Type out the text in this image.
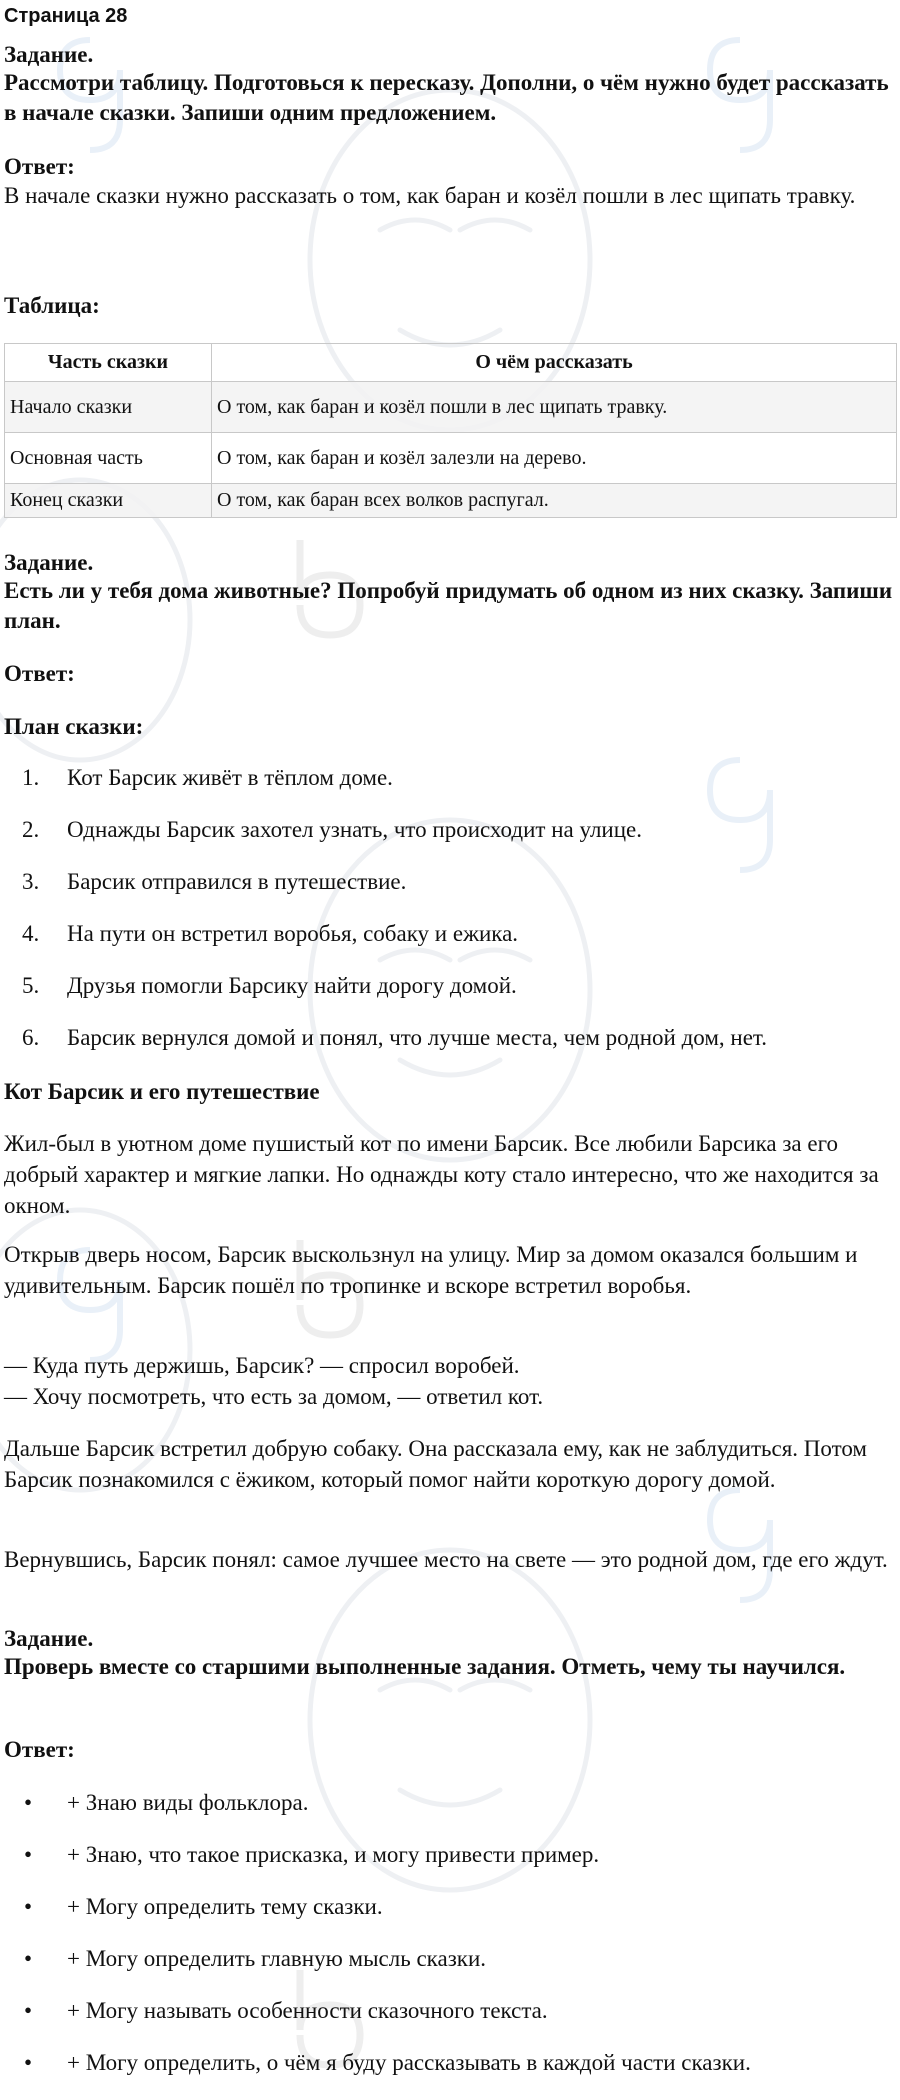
Страница 28

Задание.

Рассмотри таблицу. Подготовься к пересказу. Дополни, о чём нужно будет рассказать в начале сказки. Запиши одним предложением.

Ответ:

В начале сказки нужно рассказать о том, как баран и козёл пошли в лес щипать травку.

Таблица:

Часть сказки	О чём рассказать
Начало сказки	О том, как баран и козёл пошли в лес щипать травку.
Основная часть	О том, как баран и козёл залезли на дерево.
Конец сказки	О том, как баран всех волков распугал.

Задание.

Есть ли у тебя дома животные? Попробуй придумать об одном из них сказку. Запиши план.

Ответ:

План сказки:

1. Кот Барсик живёт в тёплом доме.
2. Однажды Барсик захотел узнать, что происходит на улице.
3. Барсик отправился в путешествие.
4. На пути он встретил воробья, собаку и ежика.
5. Друзья помогли Барсику найти дорогу домой.
6. Барсик вернулся домой и понял, что лучше места, чем родной дом, нет.

Кот Барсик и его путешествие

Жил-был в уютном доме пушистый кот по имени Барсик. Все любили Барсика за его добрый характер и мягкие лапки. Но однажды коту стало интересно, что же находится за окном.

Открыв дверь носом, Барсик выскользнул на улицу. Мир за домом оказался большим и удивительным. Барсик пошёл по тропинке и вскоре встретил воробья.

— Куда путь держишь, Барсик? — спросил воробей.

— Хочу посмотреть, что есть за домом, — ответил кот.

Дальше Барсик встретил добрую собаку. Она рассказала ему, как не заблудиться. Потом Барсик познакомился с ёжиком, который помог найти короткую дорогу домой.

Вернувшись, Барсик понял: самое лучшее место на свете — это родной дом, где его ждут.

Задание.

Проверь вместе со старшими выполненные задания. Отметь, чему ты научился.

Ответ:

• + Знаю виды фольклора.
• + Знаю, что такое присказка, и могу привести пример.
• + Могу определить тему сказки.
• + Могу определить главную мысль сказки.
• + Могу называть особенности сказочного текста.
• + Могу определить, о чём я буду рассказывать в каждой части сказки.
